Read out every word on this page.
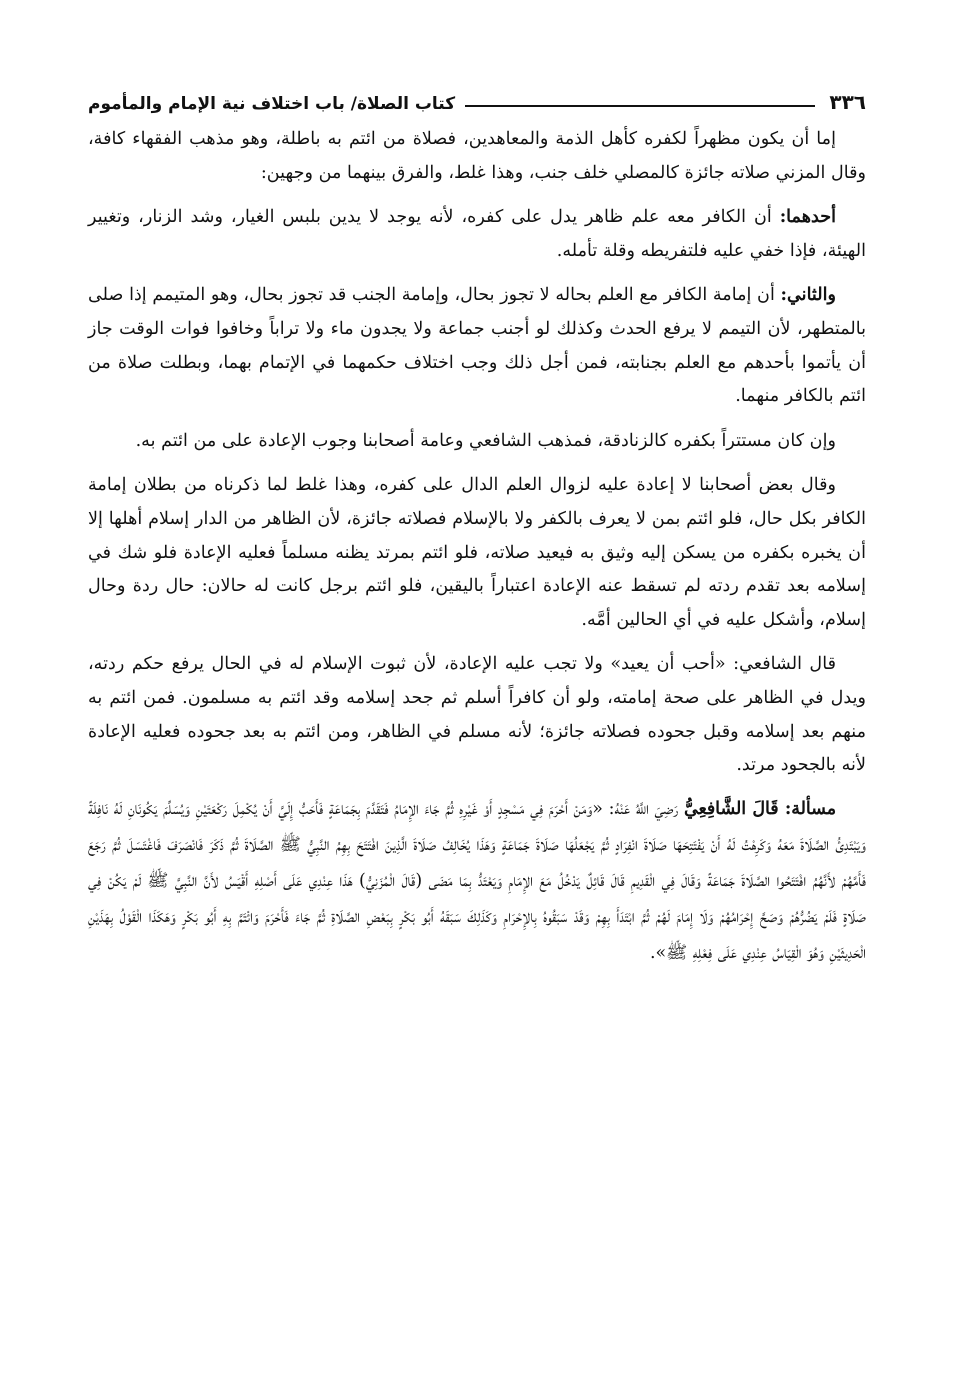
٣٣٦
كتاب الصلاة/ باب اختلاف نية الإمام والمأموم

إما أن يكون مظهراً لكفره كأهل الذمة والمعاهدين، فصلاة من ائتم به باطلة، وهو مذهب الفقهاء كافة، وقال المزني صلاته جائزة كالمصلي خلف جنب، وهذا غلط، والفرق بينهما من وجهين:

أحدهما: أن الكافر معه علم ظاهر يدل على كفره، لأنه يوجد لا يدين بلبس الغيار، وشد الزنار، وتغيير الهيئة، فإذا خفي عليه فلتفريطه وقلة تأمله.

والثاني: أن إمامة الكافر مع العلم بحاله لا تجوز بحال، وإمامة الجنب قد تجوز بحال، وهو المتيمم إذا صلى بالمتطهر، لأن التيمم لا يرفع الحدث وكذلك لو أجنب جماعة ولا يجدون ماء ولا تراباً وخافوا فوات الوقت جاز أن يأتموا بأحدهم مع العلم بجنابته، فمن أجل ذلك وجب اختلاف حكمهما في الإتمام بهما، وبطلت صلاة من ائتم بالكافر منهما.

وإن كان مستتراً بكفره كالزنادقة، فمذهب الشافعي وعامة أصحابنا وجوب الإعادة على من ائتم به.

وقال بعض أصحابنا لا إعادة عليه لزوال العلم الدال على كفره، وهذا غلط لما ذكرناه من بطلان إمامة الكافر بكل حال، فلو ائتم بمن لا يعرف بالكفر ولا بالإسلام فصلاته جائزة، لأن الظاهر من الدار إسلام أهلها إلا أن يخبره بكفره من يسكن إليه وثيق به فيعيد صلاته، فلو ائتم بمرتد يظنه مسلماً فعليه الإعادة فلو شك في إسلامه بعد تقدم ردته لم تسقط عنه الإعادة اعتباراً باليقين، فلو ائتم برجل كانت له حالان: حال ردة وحال إسلام، وأشكل عليه في أي الحالين أمَّه.

قال الشافعي: «أحب أن يعيد» ولا تجب عليه الإعادة، لأن ثبوت الإسلام له في الحال يرفع حكم ردته، ويدل في الظاهر على صحة إمامته، ولو أن كافراً أسلم ثم جحد إسلامه وقد ائتم به مسلمون. فمن ائتم به منهم بعد إسلامه وقبل جحوده فصلاته جائزة؛ لأنه مسلم في الظاهر، ومن ائتم به بعد جحوده فعليه الإعادة لأنه بالجحود مرتد.

مسألة: قَالَ الشَّافِعِيُّ رَضِيَ اللَّهُ عَنْهُ: «وَمَنْ أَحْرَمَ فِي مَسْجِدٍ أَوْ غَيْرِهِ ثُمَّ جَاءَ الإِمَامُ فَتَقَدَّمَ بِجَمَاعَةٍ فَأَحَبُّ إِلَيَّ أَنْ يُكْمِلَ رَكْعَتَيْنِ وَيُسَلِّمَ يَكُونَانِ لَهُ نَافِلَةً وَيَبْتَدِئُ الصَّلَاةَ مَعَهُ وَكَرِهْتُ لَهُ أَنْ يَفْتَتِحَهَا صَلَاةَ انْفِرَادٍ ثُمَّ يَجْعَلُهَا صَلَاةَ جَمَاعَةٍ وَهَذَا يُخَالِفُ صَلَاةَ الَّذِينَ افْتَتَحَ بِهِمُ النَّبِيُّ ﷺ الصَّلَاةَ ثُمَّ ذَكَرَ فَانْصَرَفَ فَاغْتَسَلَ ثُمَّ رَجَعَ فَأَمَّهُمْ لأَنَّهُمُ افْتَتَحُوا الصَّلَاةَ جَمَاعَةً وَقَالَ فِي الْقَدِيمِ قَالَ قَائِلٌ يَدْخُلُ مَعَ الإِمَامِ وَيَعْتَدُّ بِمَا مَضَى (قَالَ الْمُزَنِيُّ) هَذَا عِنْدِي عَلَى أَصْلِهِ أَقْيَسُ لأَنَّ النَّبِيَّ ﷺ لَمْ يَكُنْ فِي صَلَاةٍ فَلَمْ يَضُرُّهُمْ وَصَحَّ إِحْرَامُهُمْ وَلَا إِمَامَ لَهُمْ ثُمَّ ابْتَدَأَ بِهِمْ وَقَدْ سَبَقُوهُ بِالإِحْرَامِ وَكَذَلِكَ سَبَقَهُ أَبُو بَكْرٍ بِبَعْضِ الصَّلَاةِ ثُمَّ جَاءَ فَأَحْرَمَ وَائْتَمَّ بِهِ أَبُو بَكْرٍ وَهَكَذَا الْقَوْلُ بِهَذَيْنِ الْحَدِيثَيْنِ وَهُوَ الْقِيَاسُ عِنْدِي عَلَى فِعْلِهِ ﷺ».
